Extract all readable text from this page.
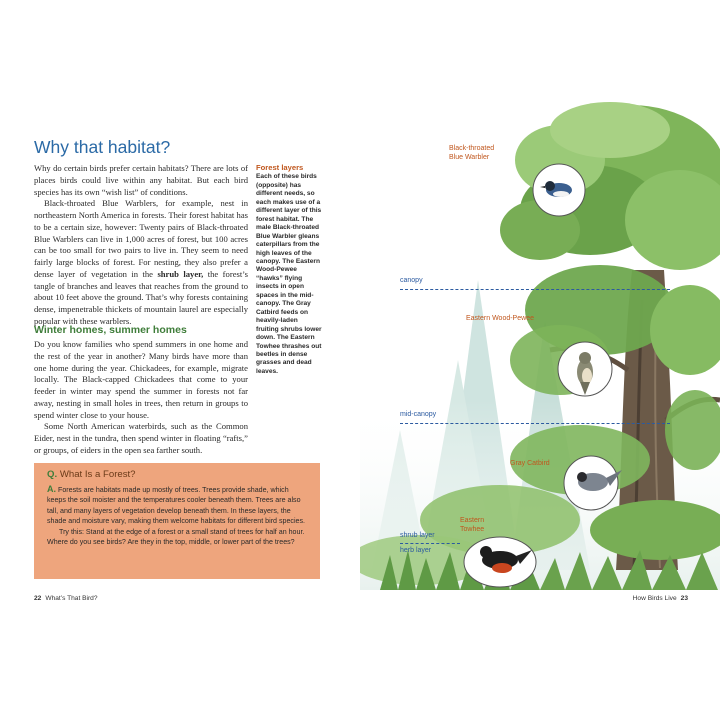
Why that habitat?

Why do certain birds prefer certain habitats? There are lots of places birds could live within any habitat. But each bird species has its own “wish list” of conditions.

Black-throated Blue Warblers, for example, nest in northeastern North America in forests. Their forest habitat has to be a certain size, however: Twenty pairs of Black-throated Blue Warblers can live in 1,000 acres of forest, but 100 acres can be too small for two pairs to live in. They seem to need fairly large blocks of forest. For nesting, they also prefer a dense layer of vegetation in the shrub layer, the forest’s tangle of branches and leaves that reaches from the ground to about 10 feet above the ground. That’s why forests containing dense, impenetrable thickets of mountain laurel are especially popular with these warblers.

Winter homes, summer homes

Do you know families who spend summers in one home and the rest of the year in another? Many birds have more than one home during the year. Chickadees, for example, migrate locally. The Black-capped Chickadees that come to your feeder in winter may spend the summer in forests not far away, nesting in small holes in trees, then return in groups to spend winter close to your house.

Some North American waterbirds, such as the Common Eider, nest in the tundra, then spend winter in floating “rafts,” or groups, of eiders in the open sea farther south.

Forest layers
Each of these birds (opposite) has different needs, so each makes use of a different layer of this forest habitat. The male Black-throated Blue Warbler gleans caterpillars from the high leaves of the canopy. The Eastern Wood-Pewee “hawks” flying insects in open spaces in the mid-canopy. The Gray Catbird feeds on heavily-laden fruiting shrubs lower down. The Eastern Towhee thrashes out beetles in dense grasses and dead leaves.
Q. What Is a Forest?
A. Forests are habitats made up mostly of trees. Trees provide shade, which keeps the soil moister and the temperatures cooler beneath them. Trees are also tall, and many layers of vegetation develop beneath them. In these layers, the shade and moisture vary, making them welcome habitats for different bird species.
Try this: Stand at the edge of a forest or a small stand of trees for half an hour. Where do you see birds? Are they in the top, middle, or lower part of the trees?
22 What’s That Bird?
Black-throated
Blue Warbler
Eastern Wood-Pewee
Gray Catbird
Eastern
Towhee
canopy
mid-canopy
shrub layer
herb layer
How Birds Live 23
